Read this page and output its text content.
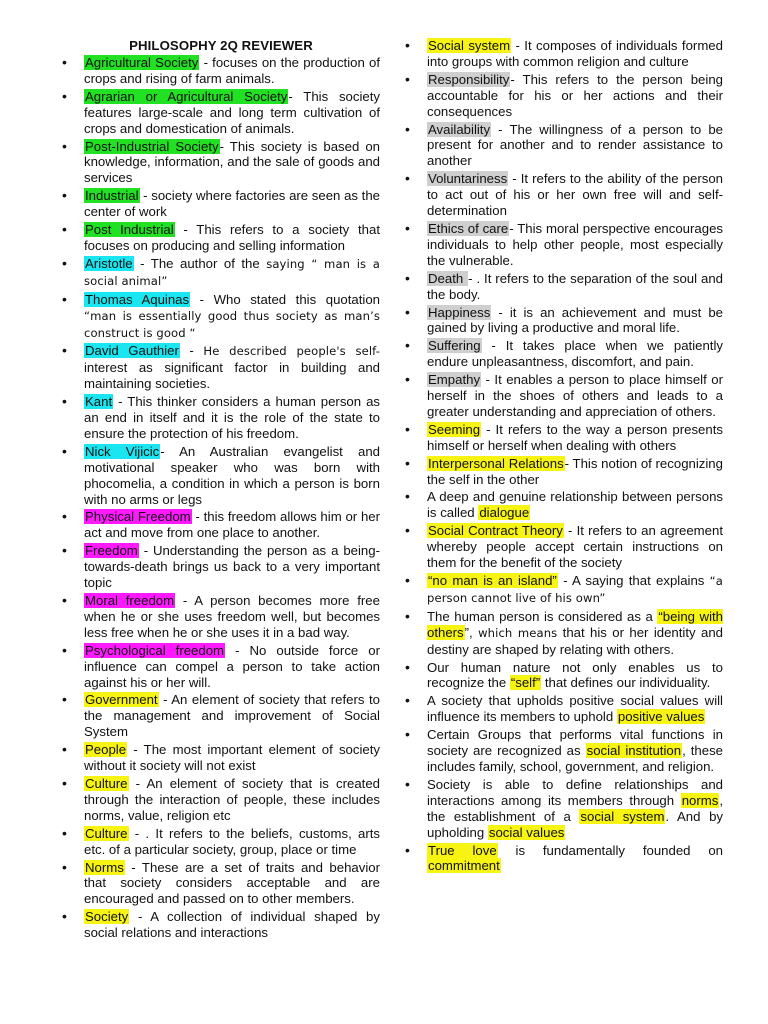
PHILOSOPHY 2Q REVIEWER
• Agricultural Society - focuses on the production of crops and rising of farm animals.
• Agrarian or Agricultural Society- This society features large-scale and long term cultivation of crops and domestication of animals.
• Post-Industrial Society- This society is based on knowledge, information, and the sale of goods and services
• Industrial - society where factories are seen as the center of work
• Post Industrial - This refers to a society that focuses on producing and selling information
• Aristotle - The author of the saying “ man is a social animal”
• Thomas Aquinas - Who stated this quotation “man is essentially good thus society as man’s construct is good “
• David Gauthier - He described people's self-interest as significant factor in building and maintaining societies.
• Kant - This thinker considers a human person as an end in itself and it is the role of the state to ensure the protection of his freedom.
• Nick Vijicic- An Australian evangelist and motivational speaker who was born with phocomelia, a condition in which a person is born with no arms or legs
• Physical Freedom - this freedom allows him or her act and move from one place to another.
• Freedom - Understanding the person as a being-towards-death brings us back to a very important topic
• Moral freedom - A person becomes more free when he or she uses freedom well, but becomes less free when he or she uses it in a bad way.
• Psychological freedom - No outside force or influence can compel a person to take action against his or her will.
• Government - An element of society that refers to the management and improvement of Social System
• People - The most important element of society without it society will not exist
• Culture - An element of society that is created through the interaction of people, these includes norms, value, religion etc
• Culture - . It refers to the beliefs, customs, arts etc. of a particular society, group, place or time
• Norms - These are a set of traits and behavior that society considers acceptable and are encouraged and passed on to other members.
• Society - A collection of individual shaped by social relations and interactions
• Social system - It composes of individuals formed into groups with common religion and culture
• Responsibility- This refers to the person being accountable for his or her actions and their consequences
• Availability - The willingness of a person to be present for another and to render assistance to another
• Voluntariness - It refers to the ability of the person to act out of his or her own free will and self-determination
• Ethics of care- This moral perspective encourages individuals to help other people, most especially the vulnerable.
• Death - . It refers to the separation of the soul and the body.
• Happiness - it is an achievement and must be gained by living a productive and moral life.
• Suffering - It takes place when we patiently endure unpleasantness, discomfort, and pain.
• Empathy - It enables a person to place himself or herself in the shoes of others and leads to a greater understanding and appreciation of others.
• Seeming - It refers to the way a person presents himself or herself when dealing with others
• Interpersonal Relations- This notion of recognizing the self in the other
• A deep and genuine relationship between persons is called dialogue
• Social Contract Theory - It refers to an agreement whereby people accept certain instructions on them for the benefit of the society
• “no man is an island” - A saying that explains “a person cannot live of his own”
• The human person is considered as a “being with others”, which means that his or her identity and destiny are shaped by relating with others.
• Our human nature not only enables us to recognize the “self” that defines our individuality.
• A society that upholds positive social values will influence its members to uphold positive values
• Certain Groups that performs vital functions in society are recognized as social institution, these includes family, school, government, and religion.
• Society is able to define relationships and interactions among its members through norms, the establishment of a social system. And by upholding social values
• True love is fundamentally founded on commitment
